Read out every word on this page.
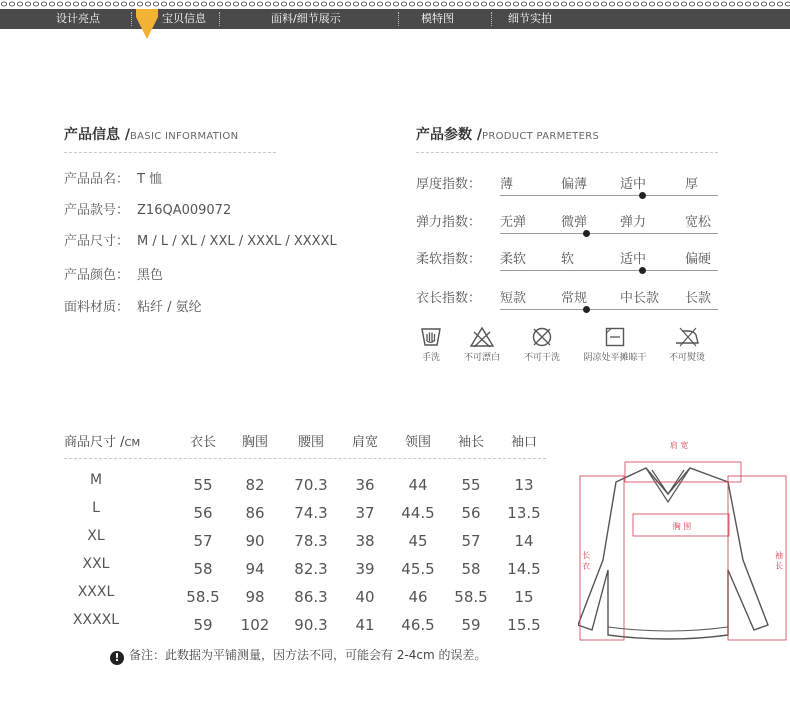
设计亮点	宝贝信息	面料/细节展示	模特图	细节实拍
产品信息 /BASIC INFORMATION
产品品名： T 恤
产品款号： Z16QA009072
产品尺寸： M / L / XL / XXL / XXXL / XXXXL
产品颜色： 黑色
面料材质： 粘纤 / 氨纶
产品参数 /PRODUCT PARMETERS
厚度指数： 薄	偏薄	适中	厚
弹力指数： 无弹	微弹	弹力	宽松
柔软指数： 柔软	软	适中	偏硬
衣长指数： 短款	常规	中长款 长款
手洗	不可漂白	不可干洗	阴凉处平摊晾干	不可熨烫
商品尺寸 /CM	衣长 胸围 腰围 肩宽 领围 袖长 袖口
M	55	82	70.3	36	44	55	13
L	56	86	74.3	37	44.5	56	13.5
XL	57	90	78.3	38	45	57	14
XXL	58	94	82.3	39	45.5	58	14.5
XXXL	58.5	98	86.3	40	46	58.5	15
XXXXL	59	102	90.3	41	46.5	59	15.5
! 备注：此数据为平铺测量，因方法不同，可能会有 2-4cm 的误差。
肩 宽
胸 围
长 衣	袖 长
